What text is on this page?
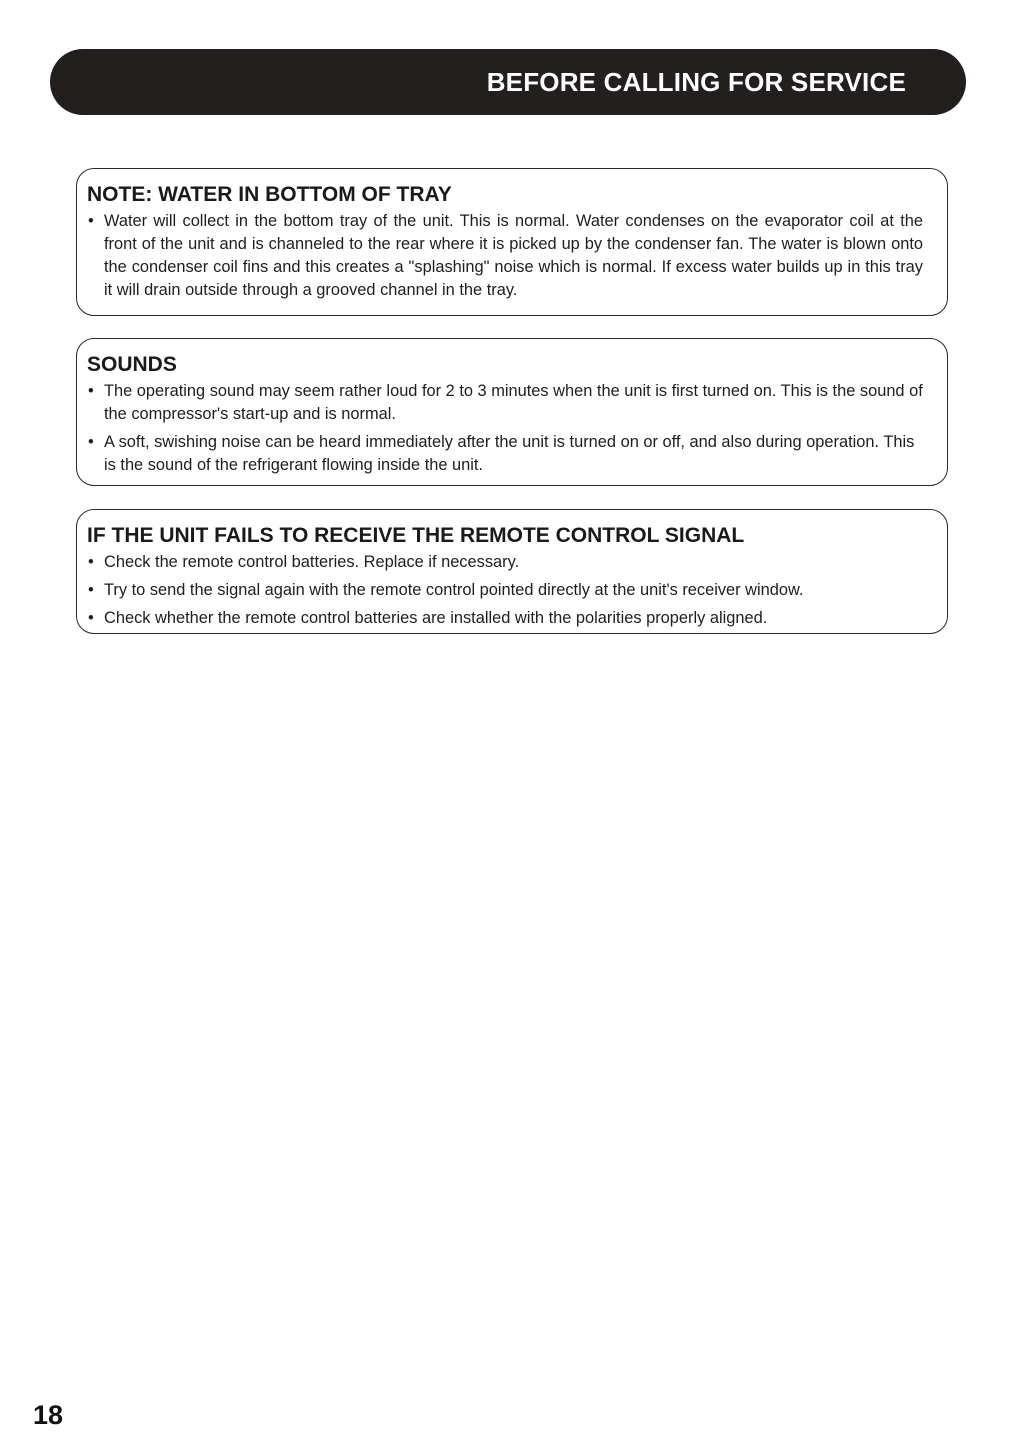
BEFORE CALLING FOR SERVICE
NOTE: WATER IN BOTTOM OF TRAY
• Water will collect in the bottom tray of the unit. This is normal. Water condenses on the evaporator coil at the front of the unit and is channeled to the rear where it is picked up by the condenser fan. The water is blown onto the condenser coil fins and this creates a "splashing" noise which is normal. If excess water builds up in this tray it will drain outside through a grooved channel in the tray.
SOUNDS
• The operating sound may seem rather loud for 2 to 3 minutes when the unit is first turned on. This is the sound of the compressor's start-up and is normal.
• A soft, swishing noise can be heard immediately after the unit is turned on or off, and also during operation. This is the sound of the refrigerant flowing inside the unit.
IF THE UNIT FAILS TO RECEIVE THE REMOTE CONTROL SIGNAL
• Check the remote control batteries. Replace if necessary.
• Try to send the signal again with the remote control pointed directly at the unit's receiver window.
• Check whether the remote control batteries are installed with the polarities properly aligned.
18
